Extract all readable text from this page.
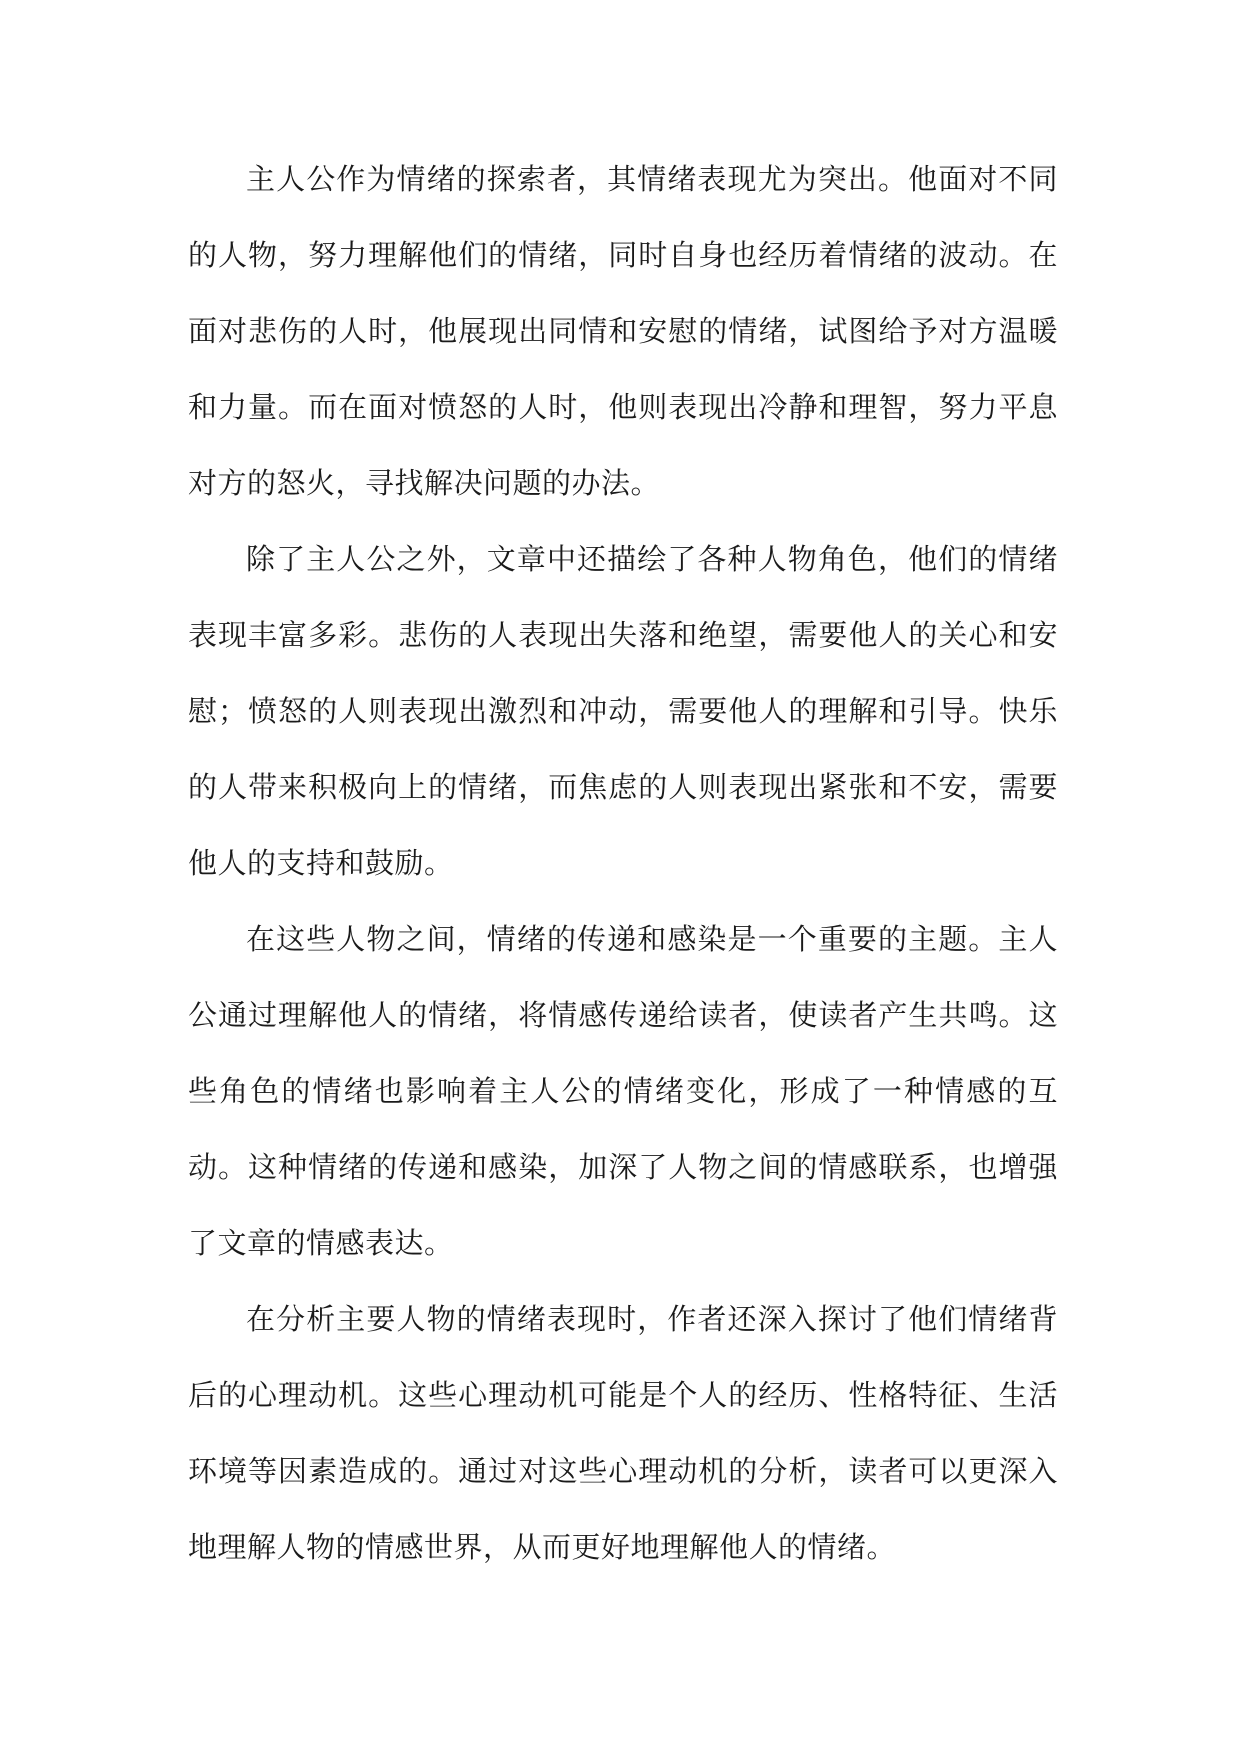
主人公作为情绪的探索者，其情绪表现尤为突出。他面对不同的人物，努力理解他们的情绪，同时自身也经历着情绪的波动。在面对悲伤的人时，他展现出同情和安慰的情绪，试图给予对方温暖和力量。而在面对愤怒的人时，他则表现出冷静和理智，努力平息对方的怒火，寻找解决问题的办法。

除了主人公之外，文章中还描绘了各种人物角色，他们的情绪表现丰富多彩。悲伤的人表现出失落和绝望，需要他人的关心和安慰；愤怒的人则表现出激烈和冲动，需要他人的理解和引导。快乐的人带来积极向上的情绪，而焦虑的人则表现出紧张和不安，需要他人的支持和鼓励。

在这些人物之间，情绪的传递和感染是一个重要的主题。主人公通过理解他人的情绪，将情感传递给读者，使读者产生共鸣。这些角色的情绪也影响着主人公的情绪变化，形成了一种情感的互动。这种情绪的传递和感染，加深了人物之间的情感联系，也增强了文章的情感表达。

在分析主要人物的情绪表现时，作者还深入探讨了他们情绪背后的心理动机。这些心理动机可能是个人的经历、性格特征、生活环境等因素造成的。通过对这些心理动机的分析，读者可以更深入地理解人物的情感世界，从而更好地理解他人的情绪。
